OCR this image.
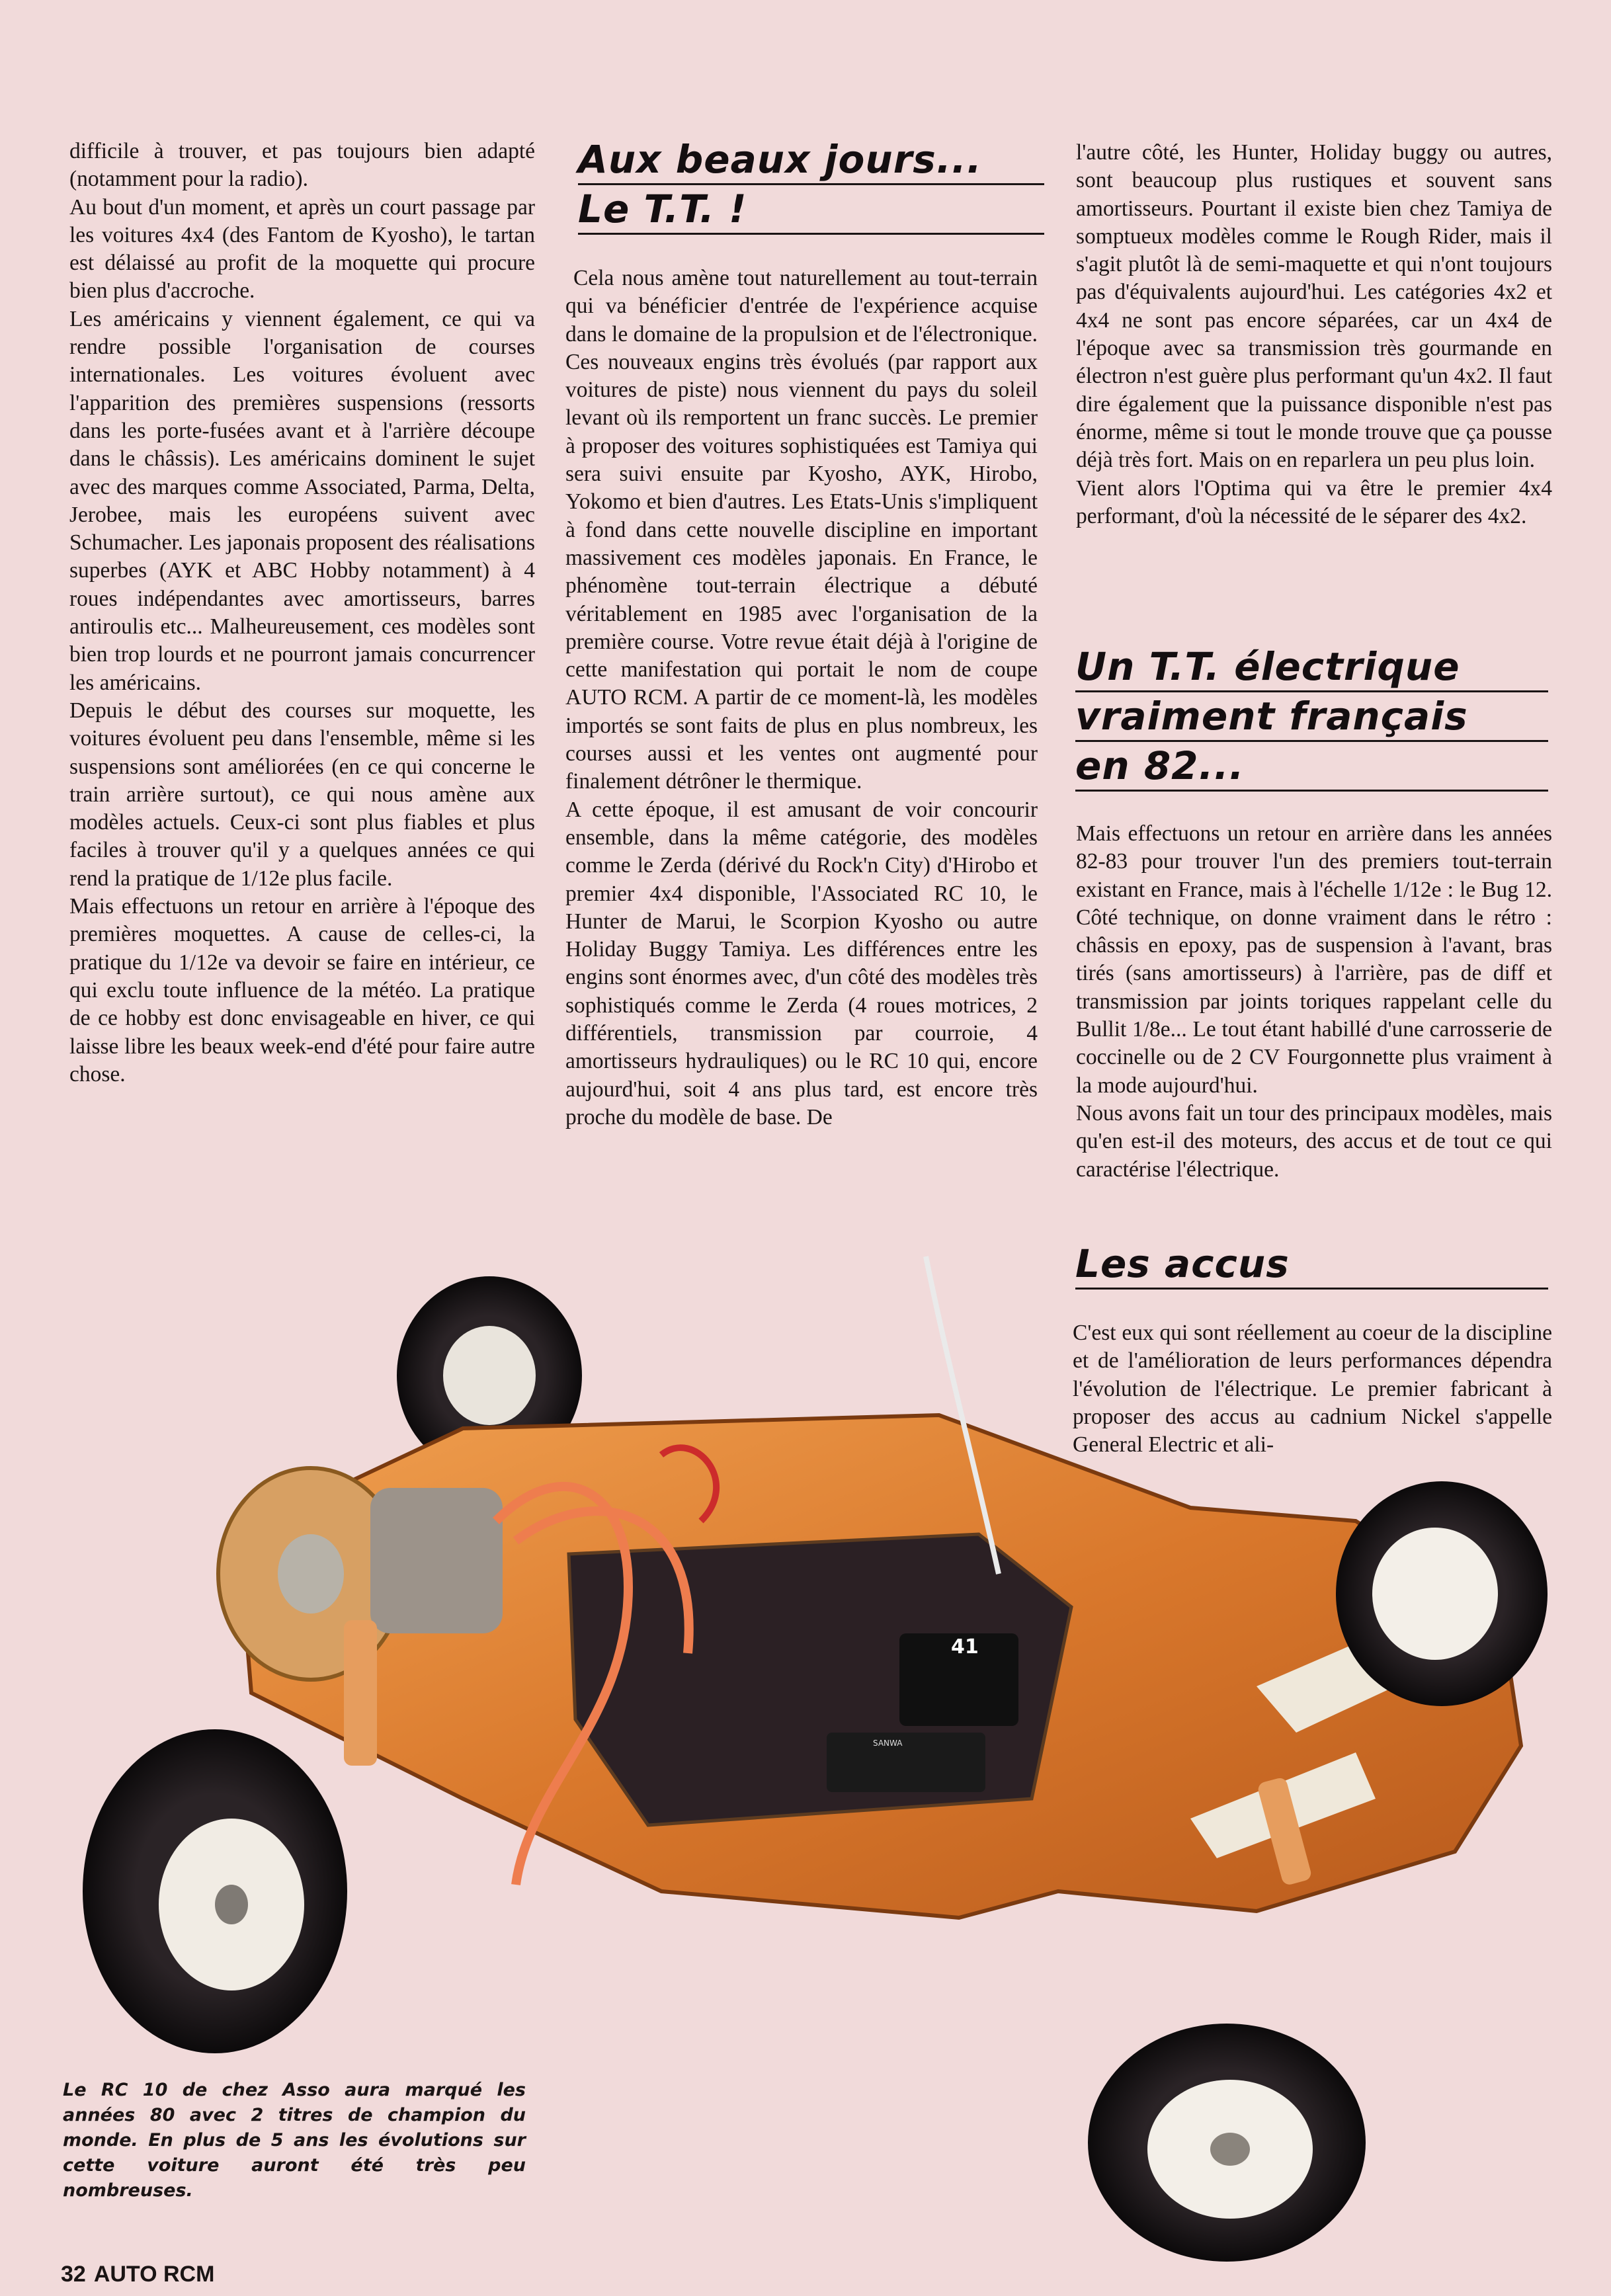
difficile à trouver, et pas toujours bien adapté (notamment pour la radio).

Au bout d'un moment, et après un court passage par les voitures 4x4 (des Fantom de Kyosho), le tartan est délaissé au profit de la moquette qui procure bien plus d'accroche.

Les américains y viennent également, ce qui va rendre possible l'organisation de courses internationales. Les voitures évoluent avec l'apparition des premières suspensions (ressorts dans les porte-fusées avant et à l'arrière découpe dans le châssis). Les américains dominent le sujet avec des marques comme Associated, Parma, Delta, Jerobee, mais les européens suivent avec Schumacher. Les japonais proposent des réalisations superbes (AYK et ABC Hobby notamment) à 4 roues indépendantes avec amortisseurs, barres antiroulis etc... Malheureusement, ces modèles sont bien trop lourds et ne pourront jamais concurrencer les américains.

Depuis le début des courses sur moquette, les voitures évoluent peu dans l'ensemble, même si les suspensions sont améliorées (en ce qui concerne le train arrière surtout), ce qui nous amène aux modèles actuels. Ceux-ci sont plus fiables et plus faciles à trouver qu'il y a quelques années ce qui rend la pratique de 1/12e plus facile.

Mais effectuons un retour en arrière à l'époque des premières moquettes. A cause de celles-ci, la pratique du 1/12e va devoir se faire en intérieur, ce qui exclu toute influence de la météo. La pratique de ce hobby est donc envisageable en hiver, ce qui laisse libre les beaux week-end d'été pour faire autre chose.

Aux beaux jours...
Le T.T. !

Cela nous amène tout naturellement au tout-terrain qui va bénéficier d'entrée de l'expérience acquise dans le domaine de la propulsion et de l'électronique. Ces nouveaux engins très évolués (par rapport aux voitures de piste) nous viennent du pays du soleil levant où ils remportent un franc succès. Le premier à proposer des voitures sophistiquées est Tamiya qui sera suivi ensuite par Kyosho, AYK, Hirobo, Yokomo et bien d'autres. Les Etats-Unis s'impliquent à fond dans cette nouvelle discipline en important massivement ces modèles japonais. En France, le phénomène tout-terrain électrique a débuté véritablement en 1985 avec l'organisation de la première course. Votre revue était déjà à l'origine de cette manifestation qui portait le nom de coupe AUTO RCM. A partir de ce moment-là, les modèles importés se sont faits de plus en plus nombreux, les courses aussi et les ventes ont augmenté pour finalement détrôner le thermique.

A cette époque, il est amusant de voir concourir ensemble, dans la même catégorie, des modèles comme le Zerda (dérivé du Rock'n City) d'Hirobo et premier 4x4 disponible, l'Associated RC 10, le Hunter de Marui, le Scorpion Kyosho ou autre Holiday Buggy Tamiya. Les différences entre les engins sont énormes avec, d'un côté des modèles très sophistiqués comme le Zerda (4 roues motrices, 2 différentiels, transmission par courroie, 4 amortisseurs hydrauliques) ou le RC 10 qui, encore aujourd'hui, soit 4 ans plus tard, est encore très proche du modèle de base. De

l'autre côté, les Hunter, Holiday buggy ou autres, sont beaucoup plus rustiques et souvent sans amortisseurs. Pourtant il existe bien chez Tamiya de somptueux modèles comme le Rough Rider, mais il s'agit plutôt là de semi-maquette et qui n'ont toujours pas d'équivalents aujourd'hui. Les catégories 4x2 et 4x4 ne sont pas encore séparées, car un 4x4 de l'époque avec sa transmission très gourmande en électron n'est guère plus performant qu'un 4x2. Il faut dire également que la puissance disponible n'est pas énorme, même si tout le monde trouve que ça pousse déjà très fort. Mais on en reparlera un peu plus loin.

Vient alors l'Optima qui va être le premier 4x4 performant, d'où la nécessité de le séparer des 4x2.

Un T.T. électrique
vraiment français
en 82...

Mais effectuons un retour en arrière dans les années 82-83 pour trouver l'un des premiers tout-terrain existant en France, mais à l'échelle 1/12e : le Bug 12. Côté technique, on donne vraiment dans le rétro : châssis en epoxy, pas de suspension à l'avant, bras tirés (sans amortisseurs) à l'arrière, pas de diff et transmission par joints toriques rappelant celle du Bullit 1/8e... Le tout étant habillé d'une carrosserie de coccinelle ou de 2 CV Fourgonnette plus vraiment à la mode aujourd'hui.

Nous avons fait un tour des principaux modèles, mais qu'en est-il des moteurs, des accus et de tout ce qui caractérise l'électrique.

Les accus

C'est eux qui sont réellement au coeur de la discipline et de l'amélioration de leurs performances dépendra l'évolution de l'électrique. Le premier fabricant à proposer des accus au cadnium Nickel s'appelle General Electric et ali-

41
SANWA
Le RC 10 de chez Asso aura marqué les années 80 avec 2 titres de champion du monde. En plus de 5 ans les évolutions sur cette voiture auront été très peu nombreuses.
32 AUTO RCM
